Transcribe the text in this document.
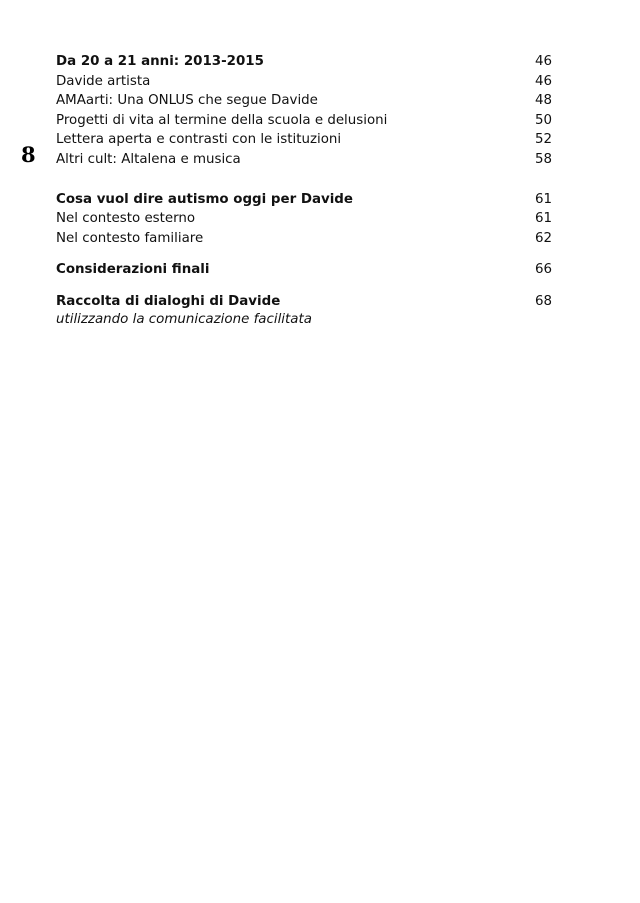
8
Da 20 a 21 anni: 2013-2015	46
Davide artista	46
AMAarti: Una ONLUS che segue Davide	48
Progetti di vita al termine della scuola e delusioni	50
Lettera aperta e contrasti con le istituzioni	52
Altri cult: Altalena e musica	58
Cosa vuol dire autismo oggi per Davide	61
Nel contesto esterno	61
Nel contesto familiare	62
Considerazioni finali	66
Raccolta di dialoghi di Davide	68
utilizzando la comunicazione facilitata
